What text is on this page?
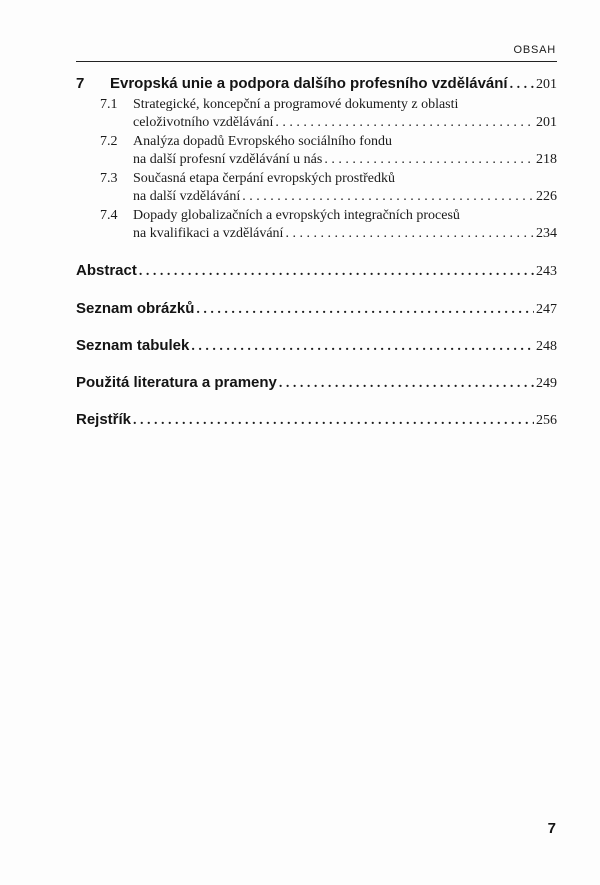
OBSAH
7	Evropská unie a podpora dalšího profesního vzdělávání . . . 201
7.1 Strategické, koncepční a programové dokumenty z oblasti
celoživotního vzdělávání . . .	201
7.2 Analýza dopadů Evropského sociálního fondu
na další profesní vzdělávání u nás . . .	218
7.3 Současná etapa čerpání evropských prostředků
na další vzdělávání . . .	226
7.4 Dopady globalizačních a evropských integračních procesů
na kvalifikaci a vzdělávání . . .	234
Abstract . . .	243
Seznam obrázků . . .	247
Seznam tabulek . . .	248
Použitá literatura a prameny . . .	249
Rejstřík . . .	256
7
